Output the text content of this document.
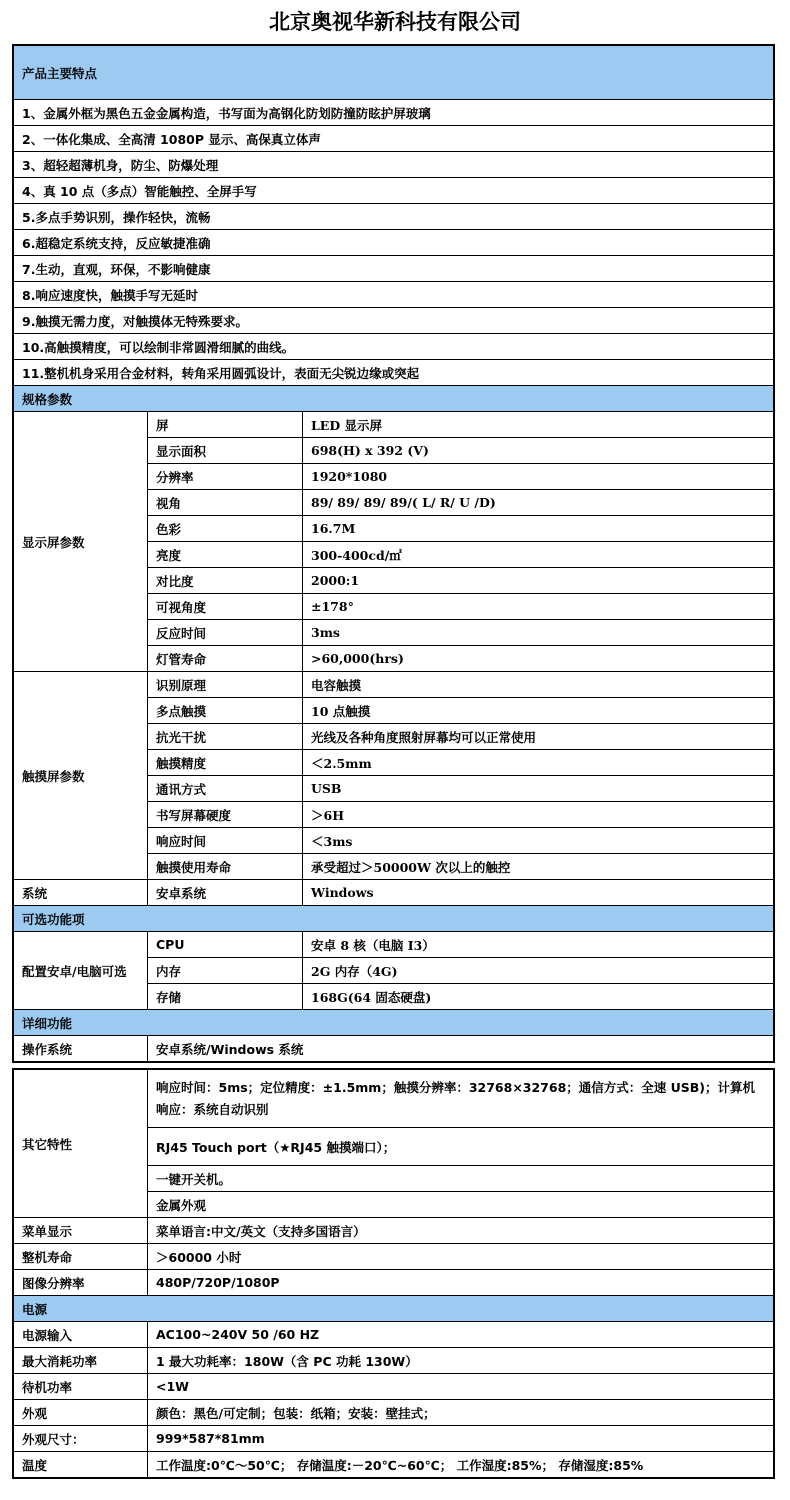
北京奥视华新科技有限公司
产品主要特点		
1、金属外框为黑色五金金属构造，书写面为高钢化防划防撞防眩护屏玻璃		
2、一体化集成、全高清 1080P 显示、高保真立体声		
3、超轻超薄机身，防尘、防爆处理		
4、真 10 点（多点）智能触控、全屏手写		
5.多点手势识别，操作轻快，流畅		
6.超稳定系统支持，反应敏捷准确		
7.生动，直观，环保，不影响健康		
8.响应速度快，触摸手写无延时		
9.触摸无需力度，对触摸体无特殊要求。		
10.高触摸精度，可以绘制非常圆滑细腻的曲线。		
11.整机机身采用合金材料，转角采用圆弧设计，表面无尖锐边缘或突起		
规格参数		
显示屏参数	屏	LED 显示屏
	显示面积	698(H) x 392 (V)
	分辨率	1920*1080
	视角	89/ 89/ 89/ 89/( L/ R/ U /D)
	色彩	16.7M
	亮度	300-400cd/㎡
	对比度	2000:1
	可视角度	±178°
	反应时间	3ms
	灯管寿命	>60,000(hrs)
触摸屏参数	识别原理	电容触摸
	多点触摸	10 点触摸
	抗光干扰	光线及各种角度照射屏幕均可以正常使用
	触摸精度	＜2.5mm
	通讯方式	USB
	书写屏幕硬度	＞6H
	响应时间	＜3ms
	触摸使用寿命	承受超过＞50000W 次以上的触控
系统	安卓系统	Windows
可选功能项		
配置安卓/电脑可选	CPU	安卓 8 核（电脑 I3）
	内存	2G 内存（4G)
	存储	168G(64 固态硬盘)
详细功能		
操作系统	安卓系统/Windows 系统	
其它特性	响应时间：5ms；定位精度：±1.5mm；触摸分辨率：32768×32768；通信方式：全速 USB)；计算机响应：系统自动识别
	RJ45 Touch port（★RJ45 触摸端口）；
	一键开关机。
	金属外观
菜单显示	菜单语言:中文/英文（支持多国语言）
整机寿命	＞60000 小时
图像分辨率	480P/720P/1080P
电源	
电源输入	AC100~240V 50 /60 HZ
最大消耗功率	1 最大功耗率：180W（含 PC 功耗 130W）
待机功率	<1W
外观	颜色：黑色/可定制；包装：纸箱；安装：壁挂式；
外观尺寸：	999*587*81mm
温度	工作温度:0℃～50℃； 存储温度:－20℃~60℃； 工作湿度:85%； 存储湿度:85%
